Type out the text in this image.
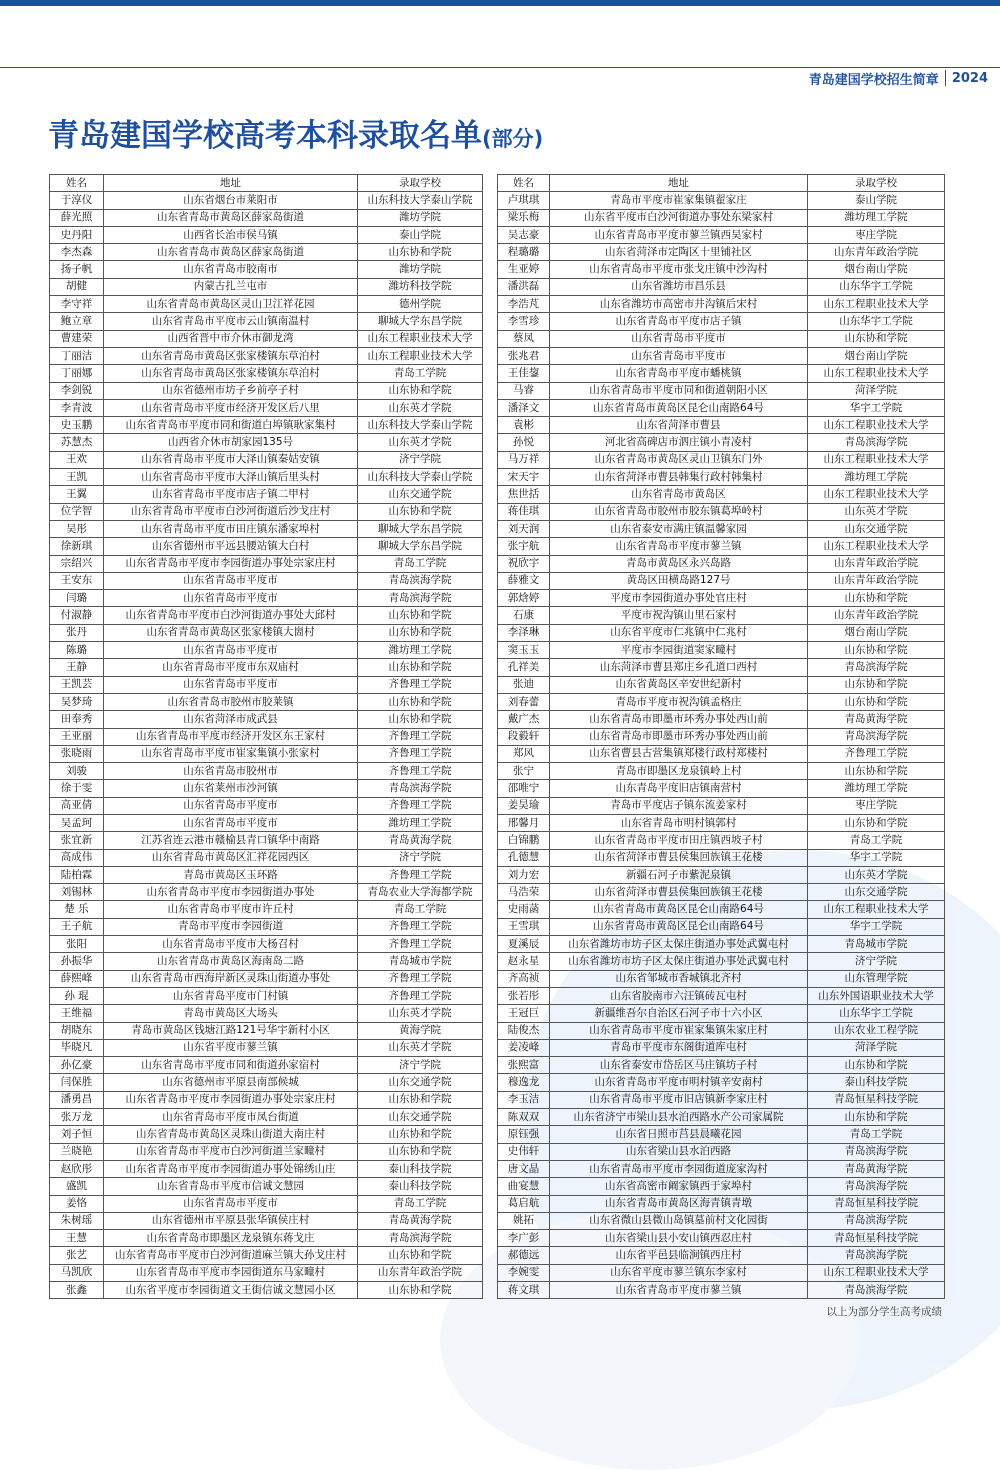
青岛建国学校招生简章 2024
青岛建国学校高考本科录取名单(部分)
姓名	地址	录取学校
于淳仪	山东省烟台市莱阳市	山东科技大学泰山学院
薛光照	山东省青岛市黄岛区薛家岛街道	潍坊学院
史丹阳	山西省长治市侯马镇	泰山学院
李杰森	山东省青岛市黄岛区薛家岛街道	山东协和学院
扬子帆	山东省青岛市胶南市	潍坊学院
胡健	内蒙古扎兰屯市	潍坊科技学院
李守祥	山东省青岛市黄岛区灵山卫江祥花园	德州学院
鲍立章	山东省青岛市平度市云山镇南温村	聊城大学东昌学院
曹建荣	山西省晋中市介休市御龙湾	山东工程职业技术大学
丁丽洁	山东省青岛市黄岛区张家楼镇东草泊村	山东工程职业技术大学
丁丽娜	山东省青岛市黄岛区张家楼镇东草泊村	青岛工学院
李剑锐	山东省德州市坊子乡前亭子村	山东协和学院
李青波	山东省青岛市平度市经济开发区后八里	山东英才学院
史玉鹏	山东省青岛市平度市同和街道白埠镇耿家集村	山东科技大学泰山学院
苏慧杰	山西省介休市胡家园135号	山东英才学院
王欢	山东省青岛市平度市大泽山镇秦姑安镇	济宁学院
王凯	山东省青岛市平度市大泽山镇后里头村	山东科技大学泰山学院
王翼	山东省青岛市平度市店子镇二甲村	山东交通学院
位学智	山东省青岛市平度市白沙河街道后沙戈庄村	山东协和学院
吴彤	山东省青岛市平度市田庄镇东潘家埠村	聊城大学东昌学院
徐新琪	山东省德州市平远县腰站镇大白村	聊城大学东昌学院
宗绍兴	山东省青岛市平度市李园街道办事处宗家庄村	青岛工学院
王安东	山东省青岛市平度市	青岛滨海学院
闫璐	山东省青岛市平度市	青岛滨海学院
付淑静	山东省青岛市平度市白沙河街道办事处大邱村	山东协和学院
张丹	山东省青岛市黄岛区张家楼镇大崮村	山东协和学院
陈璐	山东省青岛市平度市	潍坊理工学院
王静	山东省青岛市平度市东双庙村	山东协和学院
王凯芸	山东省青岛市平度市	齐鲁理工学院
吴梦琦	山东省青岛市胶州市胶莱镇	山东协和学院
田奉秀	山东省菏泽市成武县	山东协和学院
王亚丽	山东省青岛市平度市经济开发区东王家村	齐鲁理工学院
张晓雨	山东省青岛市平度市崔家集镇小张家村	齐鲁理工学院
刘骏	山东省青岛市胶州市	齐鲁理工学院
徐于雯	山东省莱州市沙河镇	青岛滨海学院
高亚倩	山东省青岛市平度市	齐鲁理工学院
吴孟珂	山东省青岛市平度市	潍坊理工学院
张宜新	江苏省连云港市赣榆县青口镇华中南路	青岛黄海学院
高成伟	山东省青岛市黄岛区汇祥花园西区	济宁学院
陆柏霖	青岛市黄岛区玉环路	齐鲁理工学院
刘锡林	山东省青岛市平度市李园街道办事处	青岛农业大学海都学院
楚 乐	山东省青岛市平度市许丘村	青岛工学院
王子航	青岛市平度市李园街道	齐鲁理工学院
张阳	山东省青岛市平度市大杨召村	齐鲁理工学院
孙振华	山东省青岛市黄岛区海南岛二路	青岛城市学院
薛熙峰	山东省青岛市西海岸新区灵珠山街道办事处	齐鲁理工学院
孙 琨	山东省青岛平度市门村镇	齐鲁理工学院
王维福	青岛市黄岛区大场头	山东英才学院
胡晓东	青岛市黄岛区钱塘江路121号华宇新村小区	黄海学院
毕晓凡	山东省平度市蓼兰镇	山东英才学院
孙亿豪	山东省青岛市平度市同和街道孙家宿村	济宁学院
闫保胜	山东省德州市平原县南部候城	山东交通学院
潘勇昌	山东省青岛市平度市李园街道办事处宗家庄村	山东协和学院
张万龙	山东省青岛市平度市凤台街道	山东交通学院
刘子恒	山东省青岛市黄岛区灵珠山街道大南庄村	山东协和学院
兰晓艳	山东省青岛市平度市白沙河街道兰家疃村	山东协和学院
赵欣彤	山东省青岛市平度市李园街道办事处锦绣山庄	泰山科技学院
盛凯	山东省青岛市平度市信诚文慧园	泰山科技学院
姜恪	山东省青岛市平度市	青岛工学院
朱树瑶	山东省德州市平原县张华镇侯庄村	青岛黄海学院
王慧	山东省青岛市即墨区龙泉镇东蒋戈庄	青岛滨海学院
张艺	山东省青岛市平度市白沙河街道麻兰镇大孙戈庄村	山东协和学院
马凯欣	山东省青岛市平度市李园街道东马家疃村	山东青年政治学院
张鑫	山东省平度市李园街道文王街信诚文慧园小区	山东协和学院
姓名	地址	录取学校
卢琪琪	青岛市平度市崔家集镇翟家庄	泰山学院
梁乐梅	山东省平度市白沙河街道办事处东梁家村	潍坊理工学院
吴志豪	山东省青岛市平度市蓼兰镇西吴家村	枣庄学院
程璐璐	山东省菏泽市定陶区十里铺社区	山东青年政治学院
生亚婷	山东省青岛市平度市张戈庄镇中沙沟村	烟台南山学院
潘洪磊	山东省潍坊市昌乐县	山东华宇工学院
李浩芃	山东省潍坊市高密市井沟镇后宋村	山东工程职业技术大学
李雪珍	山东省青岛市平度市店子镇	山东华宇工学院
蔡凤	山东省青岛市平度市	山东协和学院
张兆君	山东省青岛市平度市	烟台南山学院
王佳鋆	山东省青岛市平度市蟠桃镇	山东工程职业技术大学
马睿	山东省青岛市平度市同和街道朝阳小区	菏泽学院
潘泽文	山东省青岛市黄岛区昆仑山南路64号	华宇工学院
袁彬	山东省菏泽市曹县	山东工程职业技术大学
孙悦	河北省高碑店市泗庄镇小青凌村	青岛滨海学院
马万祥	山东省青岛市黄岛区灵山卫镇东门外	山东工程职业技术大学
宋天宇	山东省菏泽市曹县韩集行政村韩集村	潍坊理工学院
焦世括	山东省青岛市黄岛区	山东工程职业技术大学
蒋佳琪	山东省青岛市胶州市胶东镇葛埠岭村	山东英才学院
刘天润	山东省泰安市满庄镇温馨家园	山东交通学院
张宇航	山东省青岛市平度市蓼兰镇	山东工程职业技术大学
祝欣宇	青岛市黄岛区永兴岛路	山东青年政治学院
薛雅文	黄岛区田横岛路127号	山东青年政治学院
郭焓婷	平度市李园街道办事处官庄村	山东协和学院
石康	平度市祝沟镇山里石家村	山东青年政治学院
李泽琳	山东省平度市仁兆镇中仁兆村	烟台南山学院
窦玉玉	平度市李园街道窦家疃村	山东协和学院
孔祥美	山东菏泽市曹县郑庄乡孔道口西村	青岛滨海学院
张迪	山东省黄岛区辛安世纪新村	山东协和学院
刘春蕾	青岛市平度市祝沟镇孟格庄	山东协和学院
戴广杰	山东省青岛市即墨市环秀办事处西山前	青岛黄海学院
段毅轩	山东省青岛市即墨市环秀办事处西山前	青岛滨海学院
郑风	山东省曹县古营集镇郑楼行政村郑楼村	齐鲁理工学院
张宁	青岛市即墨区龙泉镇岭上村	山东协和学院
邵唯宁	山东青岛平度旧店镇南营村	潍坊理工学院
姜昊瑜	青岛市平度店子镇东流姜家村	枣庄学院
邢馨月	山东省青岛市明村镇郭村	山东协和学院
白锦鹏	山东省青岛市平度市田庄镇西坡子村	青岛工学院
孔德慧	山东省菏泽市曹县侯集回族镇王花楼	华宇工学院
刘力宏	新疆石河子市紫泥泉镇	山东英才学院
马浩荣	山东省菏泽市曹县侯集回族镇王花楼	山东交通学院
史雨菡	山东省青岛市黄岛区昆仑山南路64号	山东工程职业技术大学
王雪琪	山东省青岛市黄岛区昆仑山南路64号	华宇工学院
夏溪辰	山东省潍坊市坊子区太保庄街道办事处武翼屯村	青岛城市学院
赵永星	山东省潍坊市坊子区太保庄街道办事处武翼屯村	济宁学院
齐高祯	山东省邹城市香城镇北齐村	山东管理学院
张若彤	山东省胶南市六汪镇砖瓦屯村	山东外国语职业技术大学
王冠巨	新疆维吾尔自治区石河子市十六小区	山东华宇工学院
陆俊杰	山东省青岛市平度市崔家集镇朱家庄村	山东农业工程学院
姜凌峰	青岛市平度市东阁街道库屯村	菏泽学院
张熙富	山东省泰安市岱岳区马庄镇坊子村	山东协和学院
穆逸龙	山东省青岛市平度市明村镇辛安南村	泰山科技学院
李玉洁	山东省青岛市平度市旧店镇新李家庄村	青岛恒星科技学院
陈双双	山东省济宁市梁山县水泊西路水产公司家属院	山东协和学院
原钰强	山东省日照市莒县晨曦花园	青岛工学院
史伟轩	山东省梁山县水泊西路	青岛滨海学院
唐文晶	山东省青岛市平度市李园街道庞家沟村	青岛黄海学院
曲宴慧	山东省高密市阚家镇西于家埠村	青岛滨海学院
葛启航	山东省青岛市黄岛区海青镇青墩	青岛恒星科技学院
姚拓	山东省微山县微山岛镇墓前村文化园街	青岛滨海学院
李广彭	山东省梁山县小安山镇西忍庄村	青岛恒星科技学院
郝德远	山东省平邑县临涧镇西庄村	青岛滨海学院
李婉雯	山东省平度市蓼兰镇东李家村	山东工程职业技术大学
蒋文琪	山东省青岛市平度市蓼兰镇	青岛滨海学院
以上为部分学生高考成绩
